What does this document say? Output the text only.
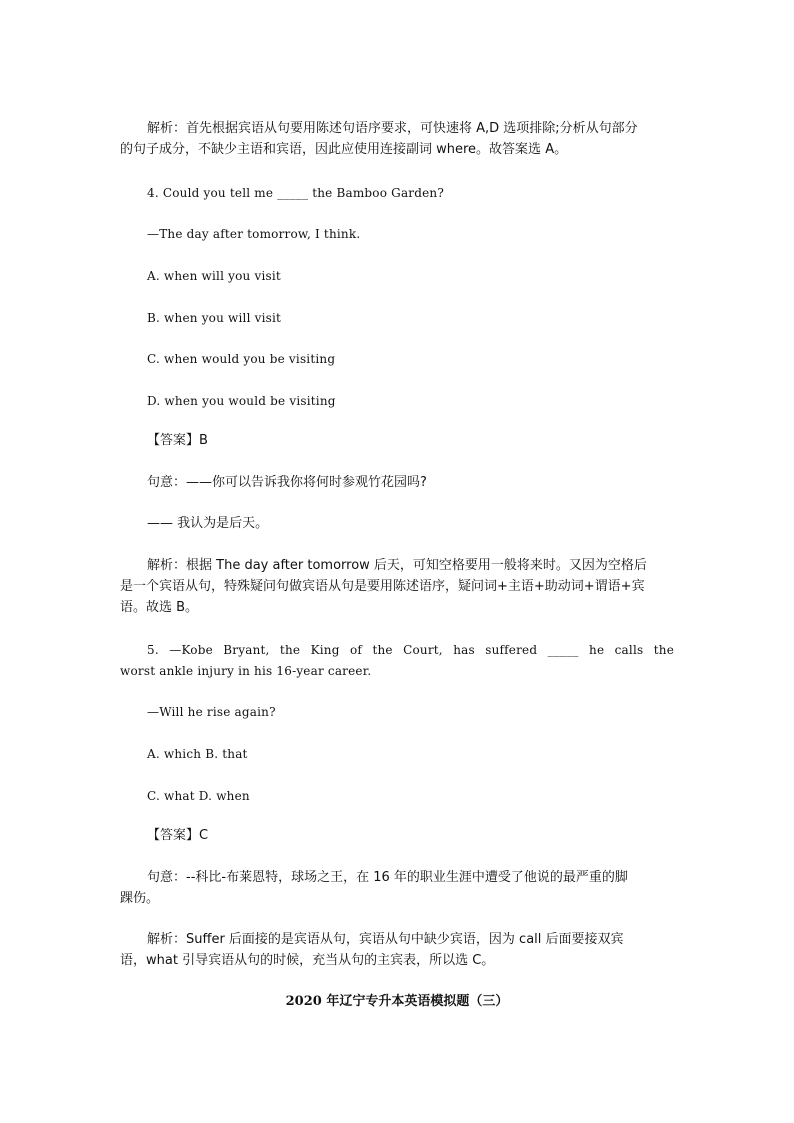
解析：首先根据宾语从句要用陈述句语序要求，可快速将 A,D 选项排除;分析从句部分
的句子成分，不缺少主语和宾语，因此应使用连接副词 where。故答案选 A。
4. Could you tell me _____ the Bamboo Garden?
—The day after tomorrow, I think.
A. when will you visit
B. when you will visit
C. when would you be visiting
D. when you would be visiting
【答案】B
句意：——你可以告诉我你将何时参观竹花园吗?
—— 我认为是后天。
解析：根据 The day after tomorrow 后天，可知空格要用一般将来时。又因为空格后
是一个宾语从句，特殊疑问句做宾语从句是要用陈述语序，疑问词+主语+助动词+谓语+宾
语。故选 B。
5. —Kobe Bryant, the King of the Court, has suffered _____ he calls the
worst ankle injury in his 16-year career.
—Will he rise again?
A. which B. that
C. what D. when
【答案】C
句意：--科比-布莱恩特，球场之王，在 16 年的职业生涯中遭受了他说的最严重的脚
踝伤。
解析：Suffer 后面接的是宾语从句，宾语从句中缺少宾语，因为 call 后面要接双宾
语，what 引导宾语从句的时候，充当从句的主宾表，所以选 C。
2020 年辽宁专升本英语模拟题（三）
